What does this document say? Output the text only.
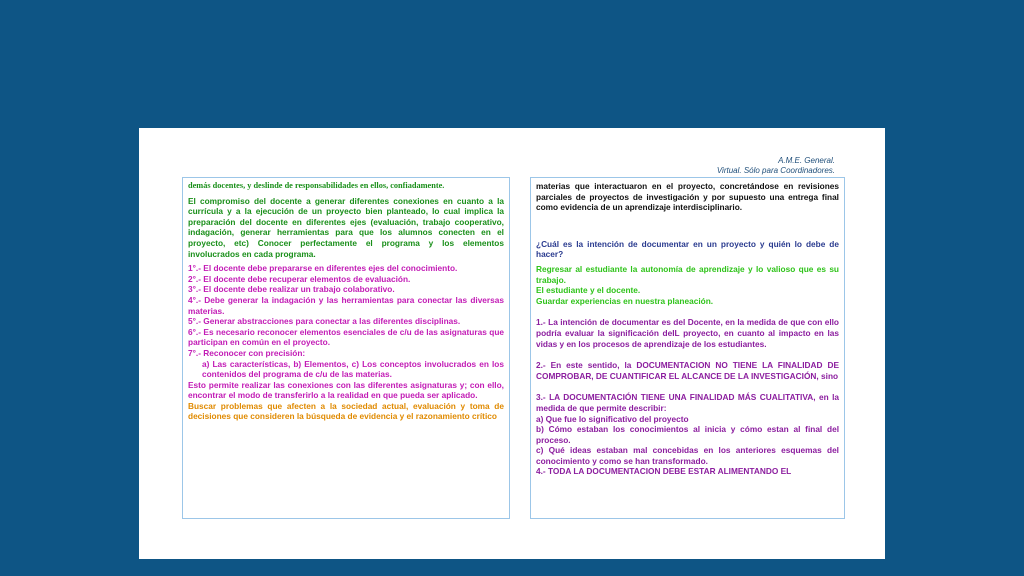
A.M.E. General.
Virtual. Sólo para Coordinadores.

demás docentes, y deslinde de responsabilidades en ellos, confiadamente.

El compromiso del docente a generar diferentes conexiones en cuanto a la currícula y a la ejecución de un proyecto bien planteado, lo cual implica la preparación del docente en diferentes ejes (evaluación, trabajo cooperativo, indagación, generar herramientas para que los alumnos conecten en el proyecto, etc) Conocer perfectamente el programa y los elementos involucrados en cada programa.

1°.- El docente debe prepararse en diferentes ejes del conocimiento.

2°.- El docente debe recuperar elementos de evaluación.

3°.- El docente debe realizar un trabajo colaborativo.

4°.- Debe generar la indagación y las herramientas para conectar las diversas materias.

5°.- Generar abstracciones para conectar a las diferentes disciplinas.

6°.- Es necesario reconocer elementos esenciales de c/u de las asignaturas que participan en común en el proyecto.

7°.- Reconocer con precisión:

a) Las características, b) Elementos, c) Los conceptos involucrados en los contenidos del programa de c/u de las materias.

Esto permite realizar las conexiones con las diferentes asignaturas y; con ello, encontrar el modo de transferirlo a la realidad en que pueda ser aplicado.

Buscar problemas que afecten a la sociedad actual, evaluación y toma de decisiones que consideren la búsqueda de evidencia y el razonamiento crítico

materias que interactuaron en el proyecto, concretándose en revisiones parciales de proyectos de investigación y por supuesto una entrega final como evidencia de un aprendizaje interdisciplinario.

¿Cuál es la intención de documentar en un proyecto y quién lo debe de hacer?

Regresar al estudiante la autonomía de aprendizaje y lo valioso que es su trabajo.

El estudiante y el docente.

Guardar experiencias en nuestra planeación.

1.- La intención de documentar es del Docente, en la medida de que con ello podría evaluar la significación deIL proyecto, en cuanto al impacto en las vidas y en los procesos de aprendizaje de los estudiantes.

2.- En este sentido, la DOCUMENTACION NO TIENE LA FINALIDAD DE COMPROBAR, DE CUANTIFICAR EL ALCANCE DE LA INVESTIGACIÓN, sino

3.- LA DOCUMENTACIÓN TIENE UNA FINALIDAD MÁS CUALITATIVA, en la medida de que permite describir:

a) Que fue lo significativo del proyecto

b) Cómo estaban los conocimientos al inicia y cómo estan al final del proceso.

c) Qué ideas estaban mal concebidas en los anteriores esquemas del conocimiento y como se han transformado.

4.- TODA LA DOCUMENTACION DEBE ESTAR ALIMENTANDO EL
